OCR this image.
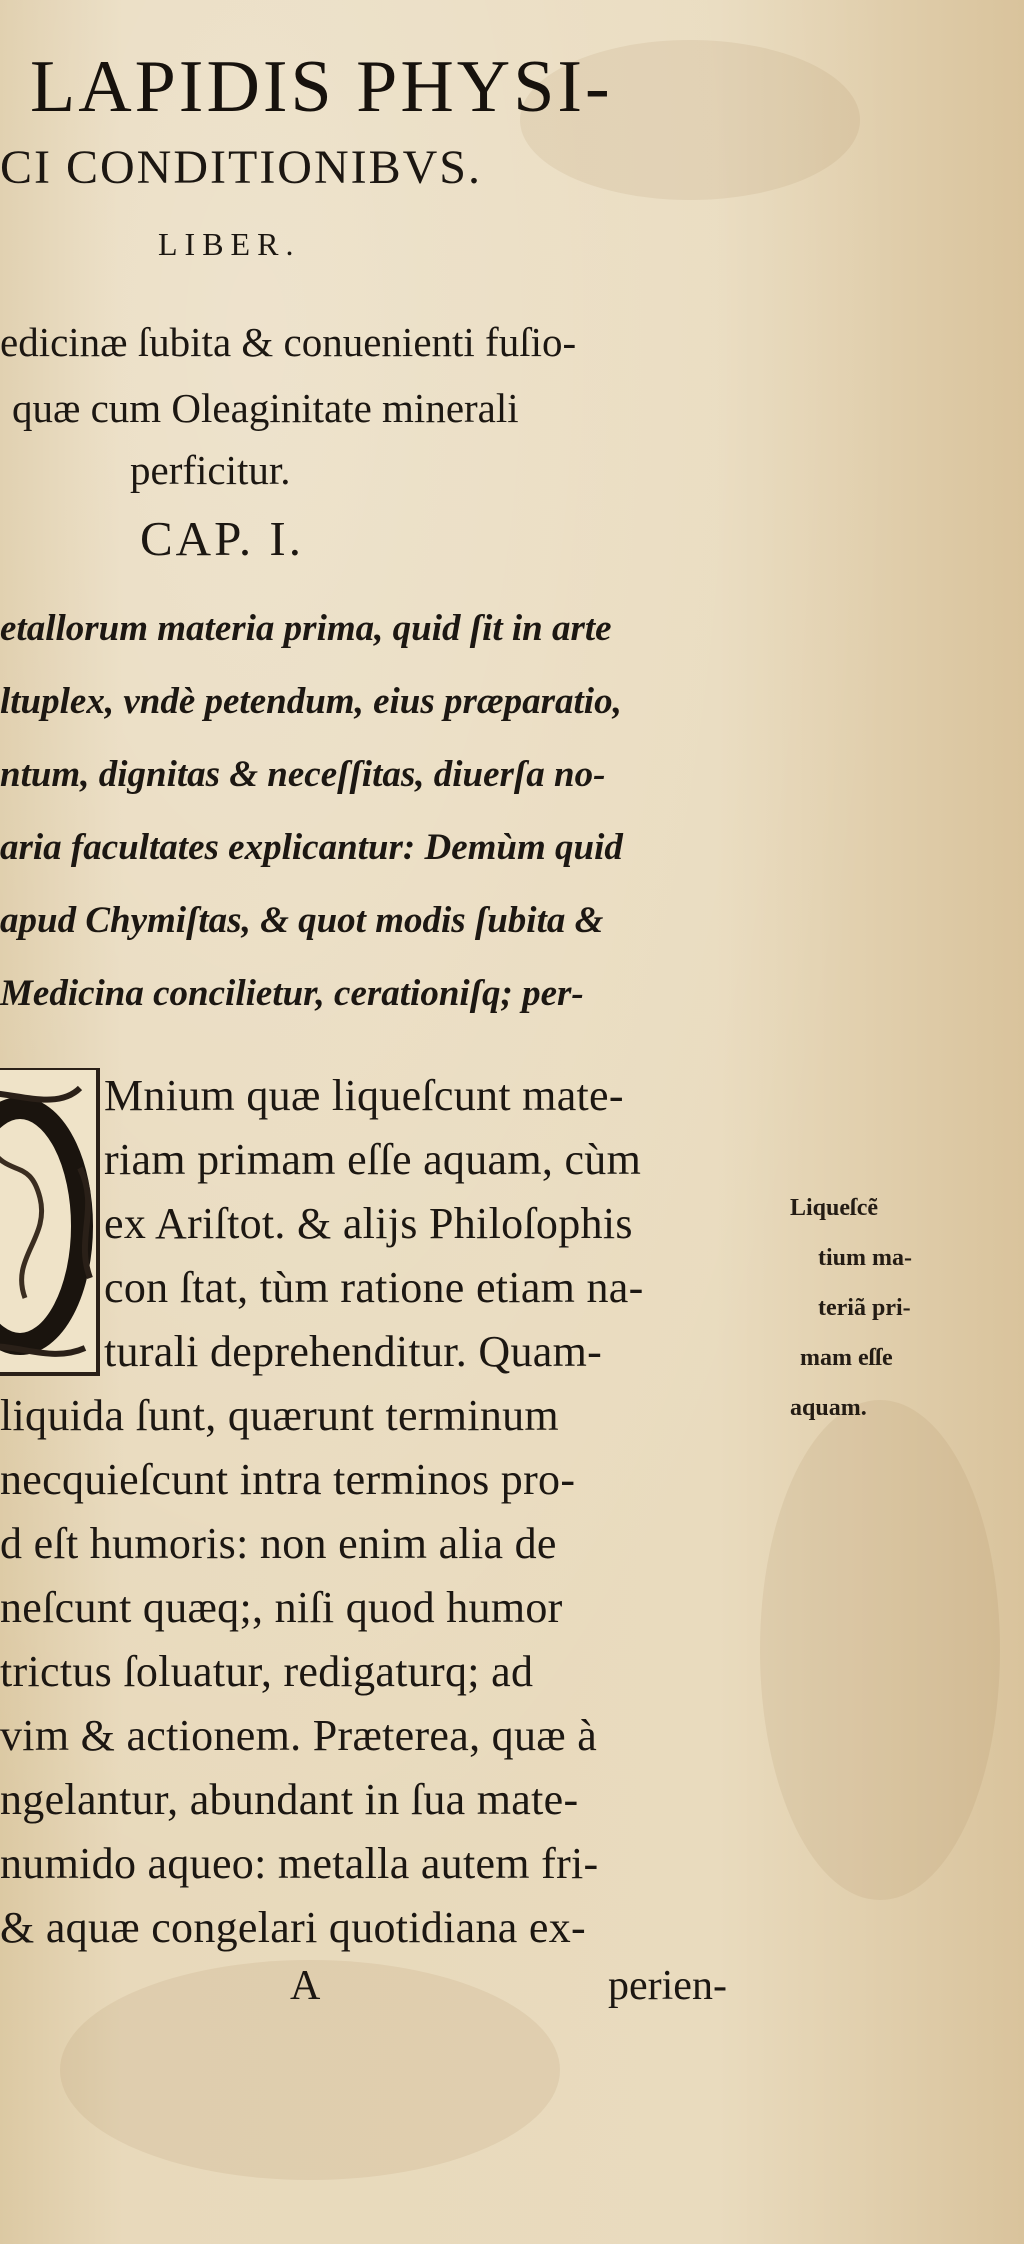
LAPIDIS PHYSI-
CI CONDITIONIBVS.
LIBER.
edicinæ ſubita & conuenienti fuſio-
quæ cum Oleaginitate minerali
perficitur.
CAP. I.
etallorum materia prima, quid ſit in arte
ltuplex, vndè petendum, eius præparatio,
ntum, dignitas & neceſſitas, diuerſa no-
aria facultates explicantur: Demùm quid
apud Chymiſtas, & quot modis ſubita &
Medicina concilietur, cerationiſq; per-
Mnium quæ liqueſcunt mate-
riam primam eſſe aquam, cùm
ex Ariſtot. & alijs Philoſophis
con ſtat, tùm ratione etiam na-
turali deprehenditur. Quam-
liquida ſunt, quærunt terminum
necquieſcunt intra terminos pro-
d eſt humoris: non enim alia de
neſcunt quæq;, niſi quod humor
trictus ſoluatur, redigaturq; ad
vim & actionem. Præterea, quæ à
ngelantur, abundant in ſua mate-
numido aqueo: metalla autem fri-
& aquæ congelari quotidiana ex-
A	perien-
Liqueſcẽ
tium ma-
teriã pri-
mam eſſe
aquam.
